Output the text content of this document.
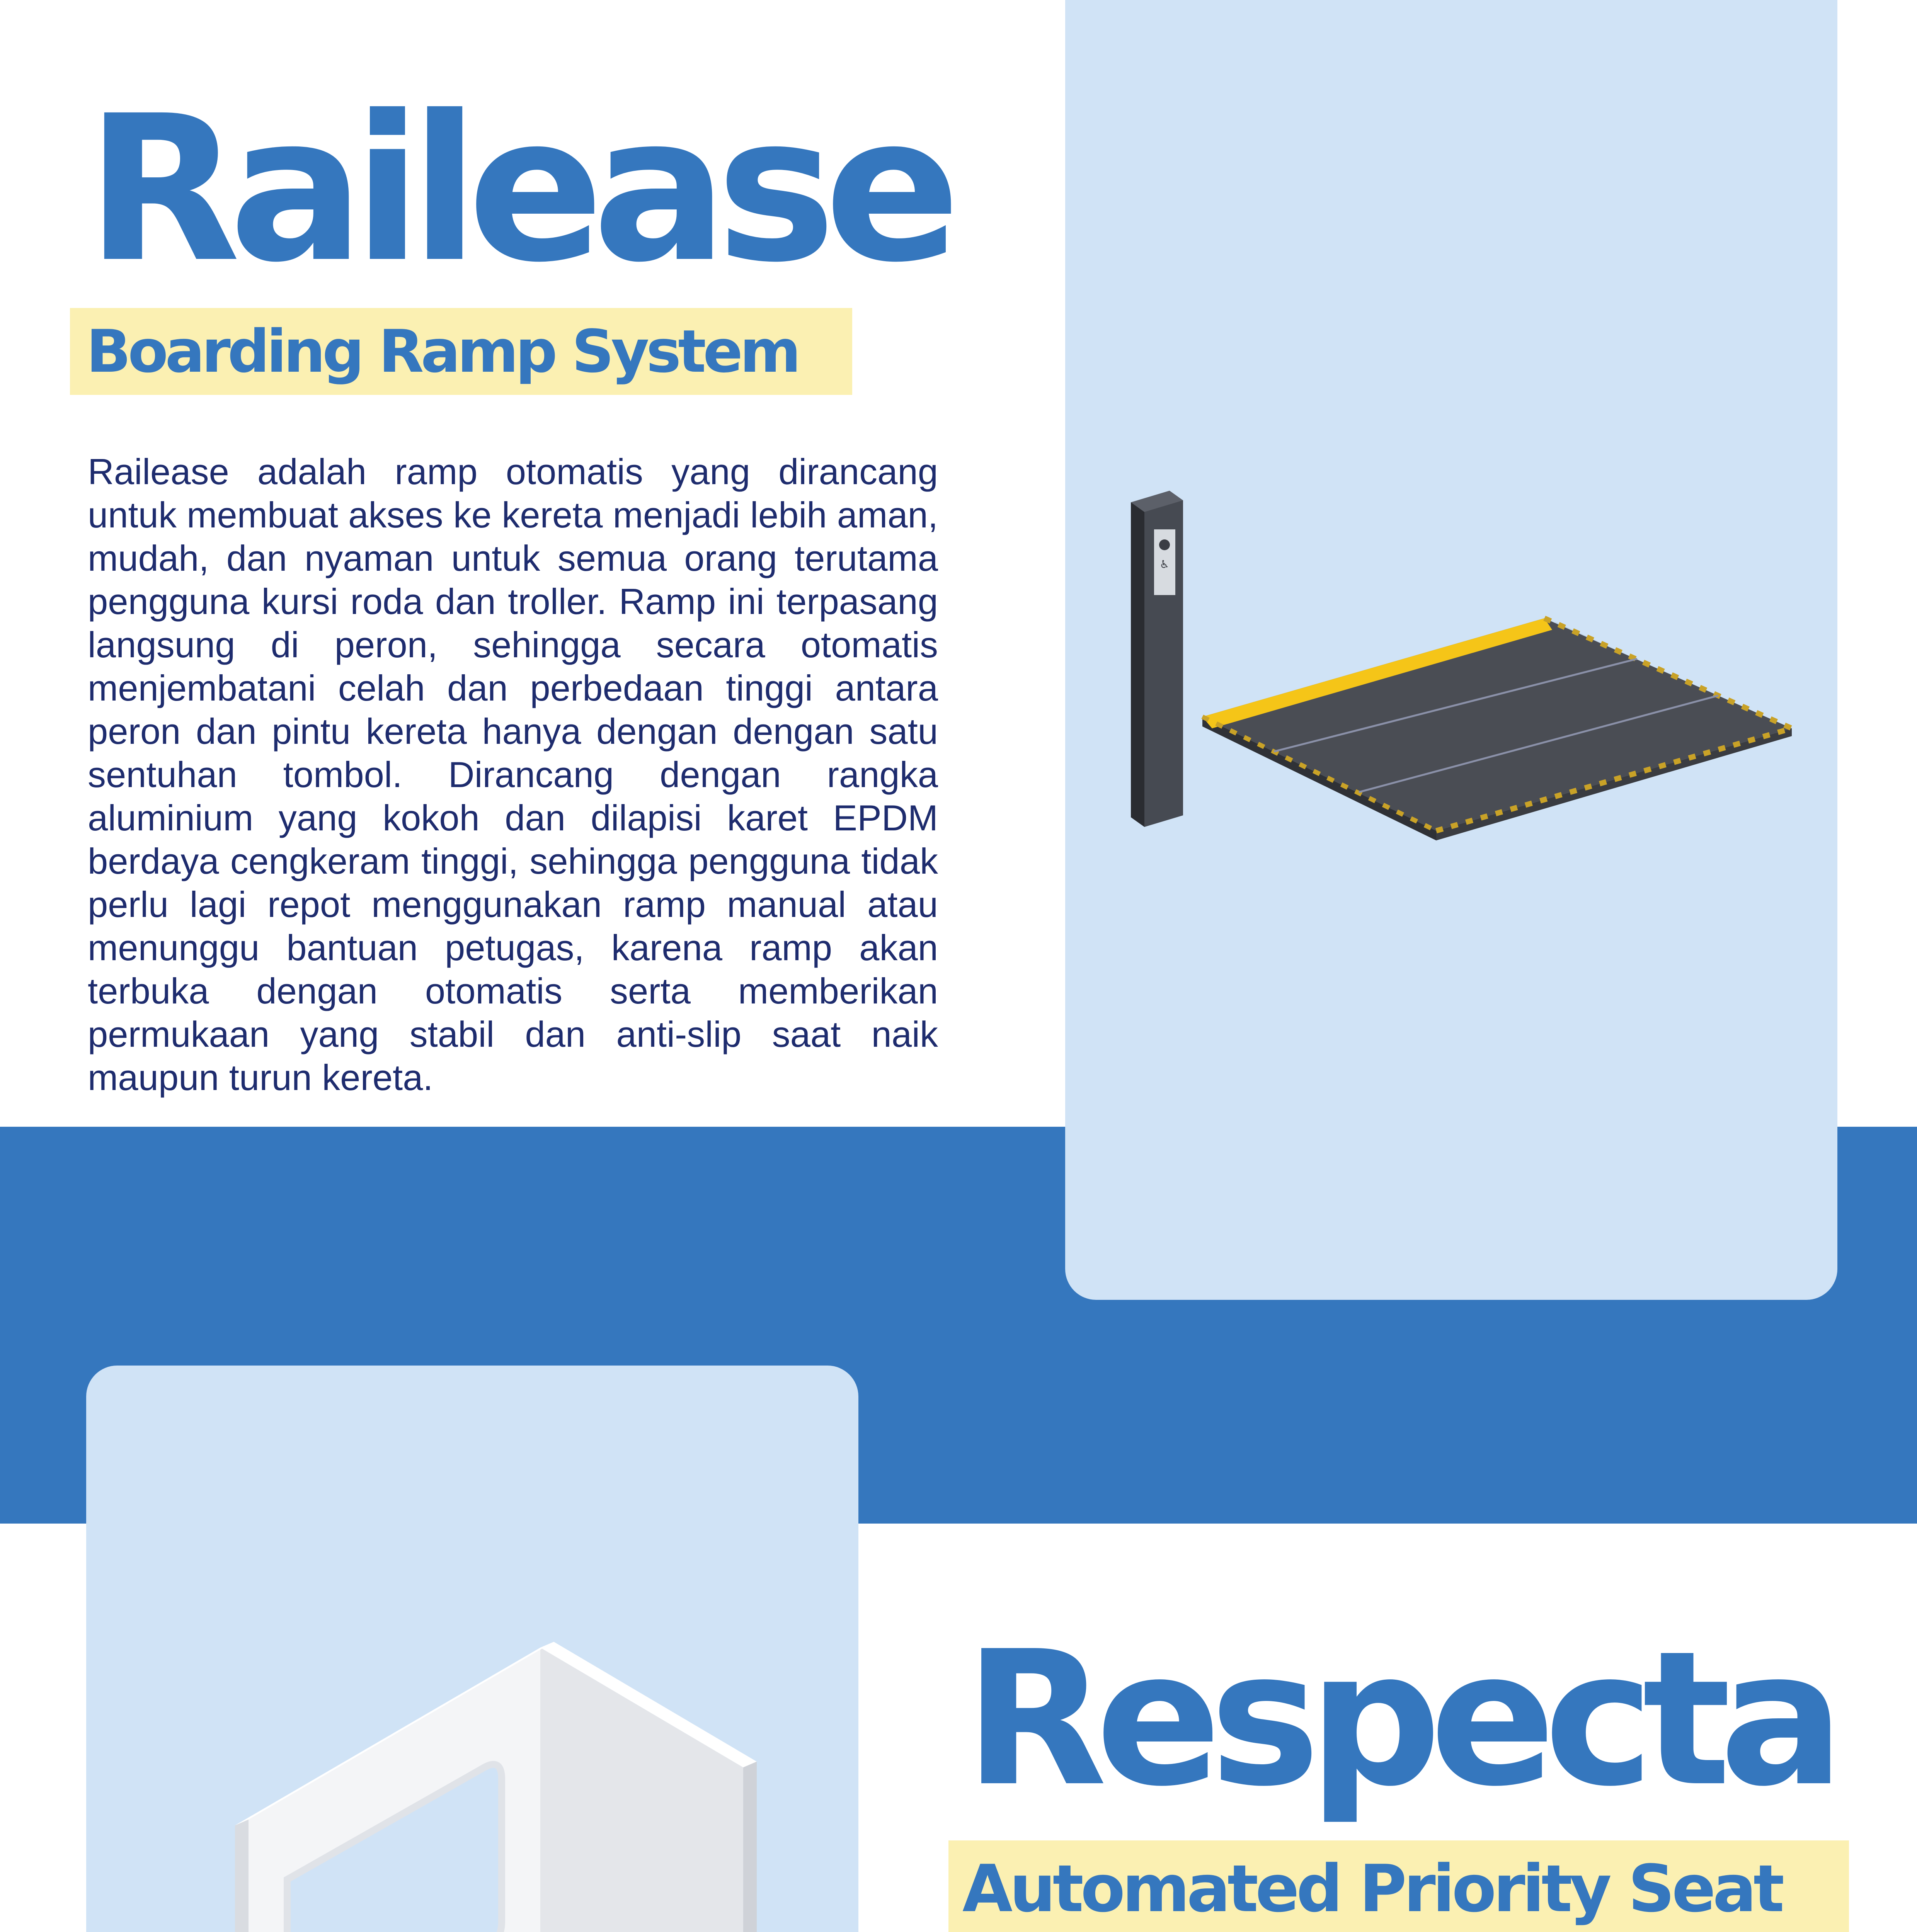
♿
Railease
Boarding Ramp System

Railease adalah ramp otomatis yang dirancang untuk membuat akses ke kereta menjadi lebih aman, mudah, dan nyaman untuk semua orang terutama pengguna kursi roda dan troller. Ramp ini terpasang langsung di peron, sehingga secara otomatis menjembatani celah dan perbedaan tinggi antara peron dan pintu kereta hanya dengan dengan satu sentuhan tombol. Dirancang dengan rangka aluminium yang kokoh dan dilapisi karet EPDM berdaya cengkeram tinggi, sehingga pengguna tidak perlu lagi repot menggunakan ramp manual atau menunggu bantuan petugas, karena ramp akan terbuka dengan otomatis serta memberikan permukaan yang stabil dan anti-slip saat naik maupun turun kereta.

Respecta
Automated Priority Seat
